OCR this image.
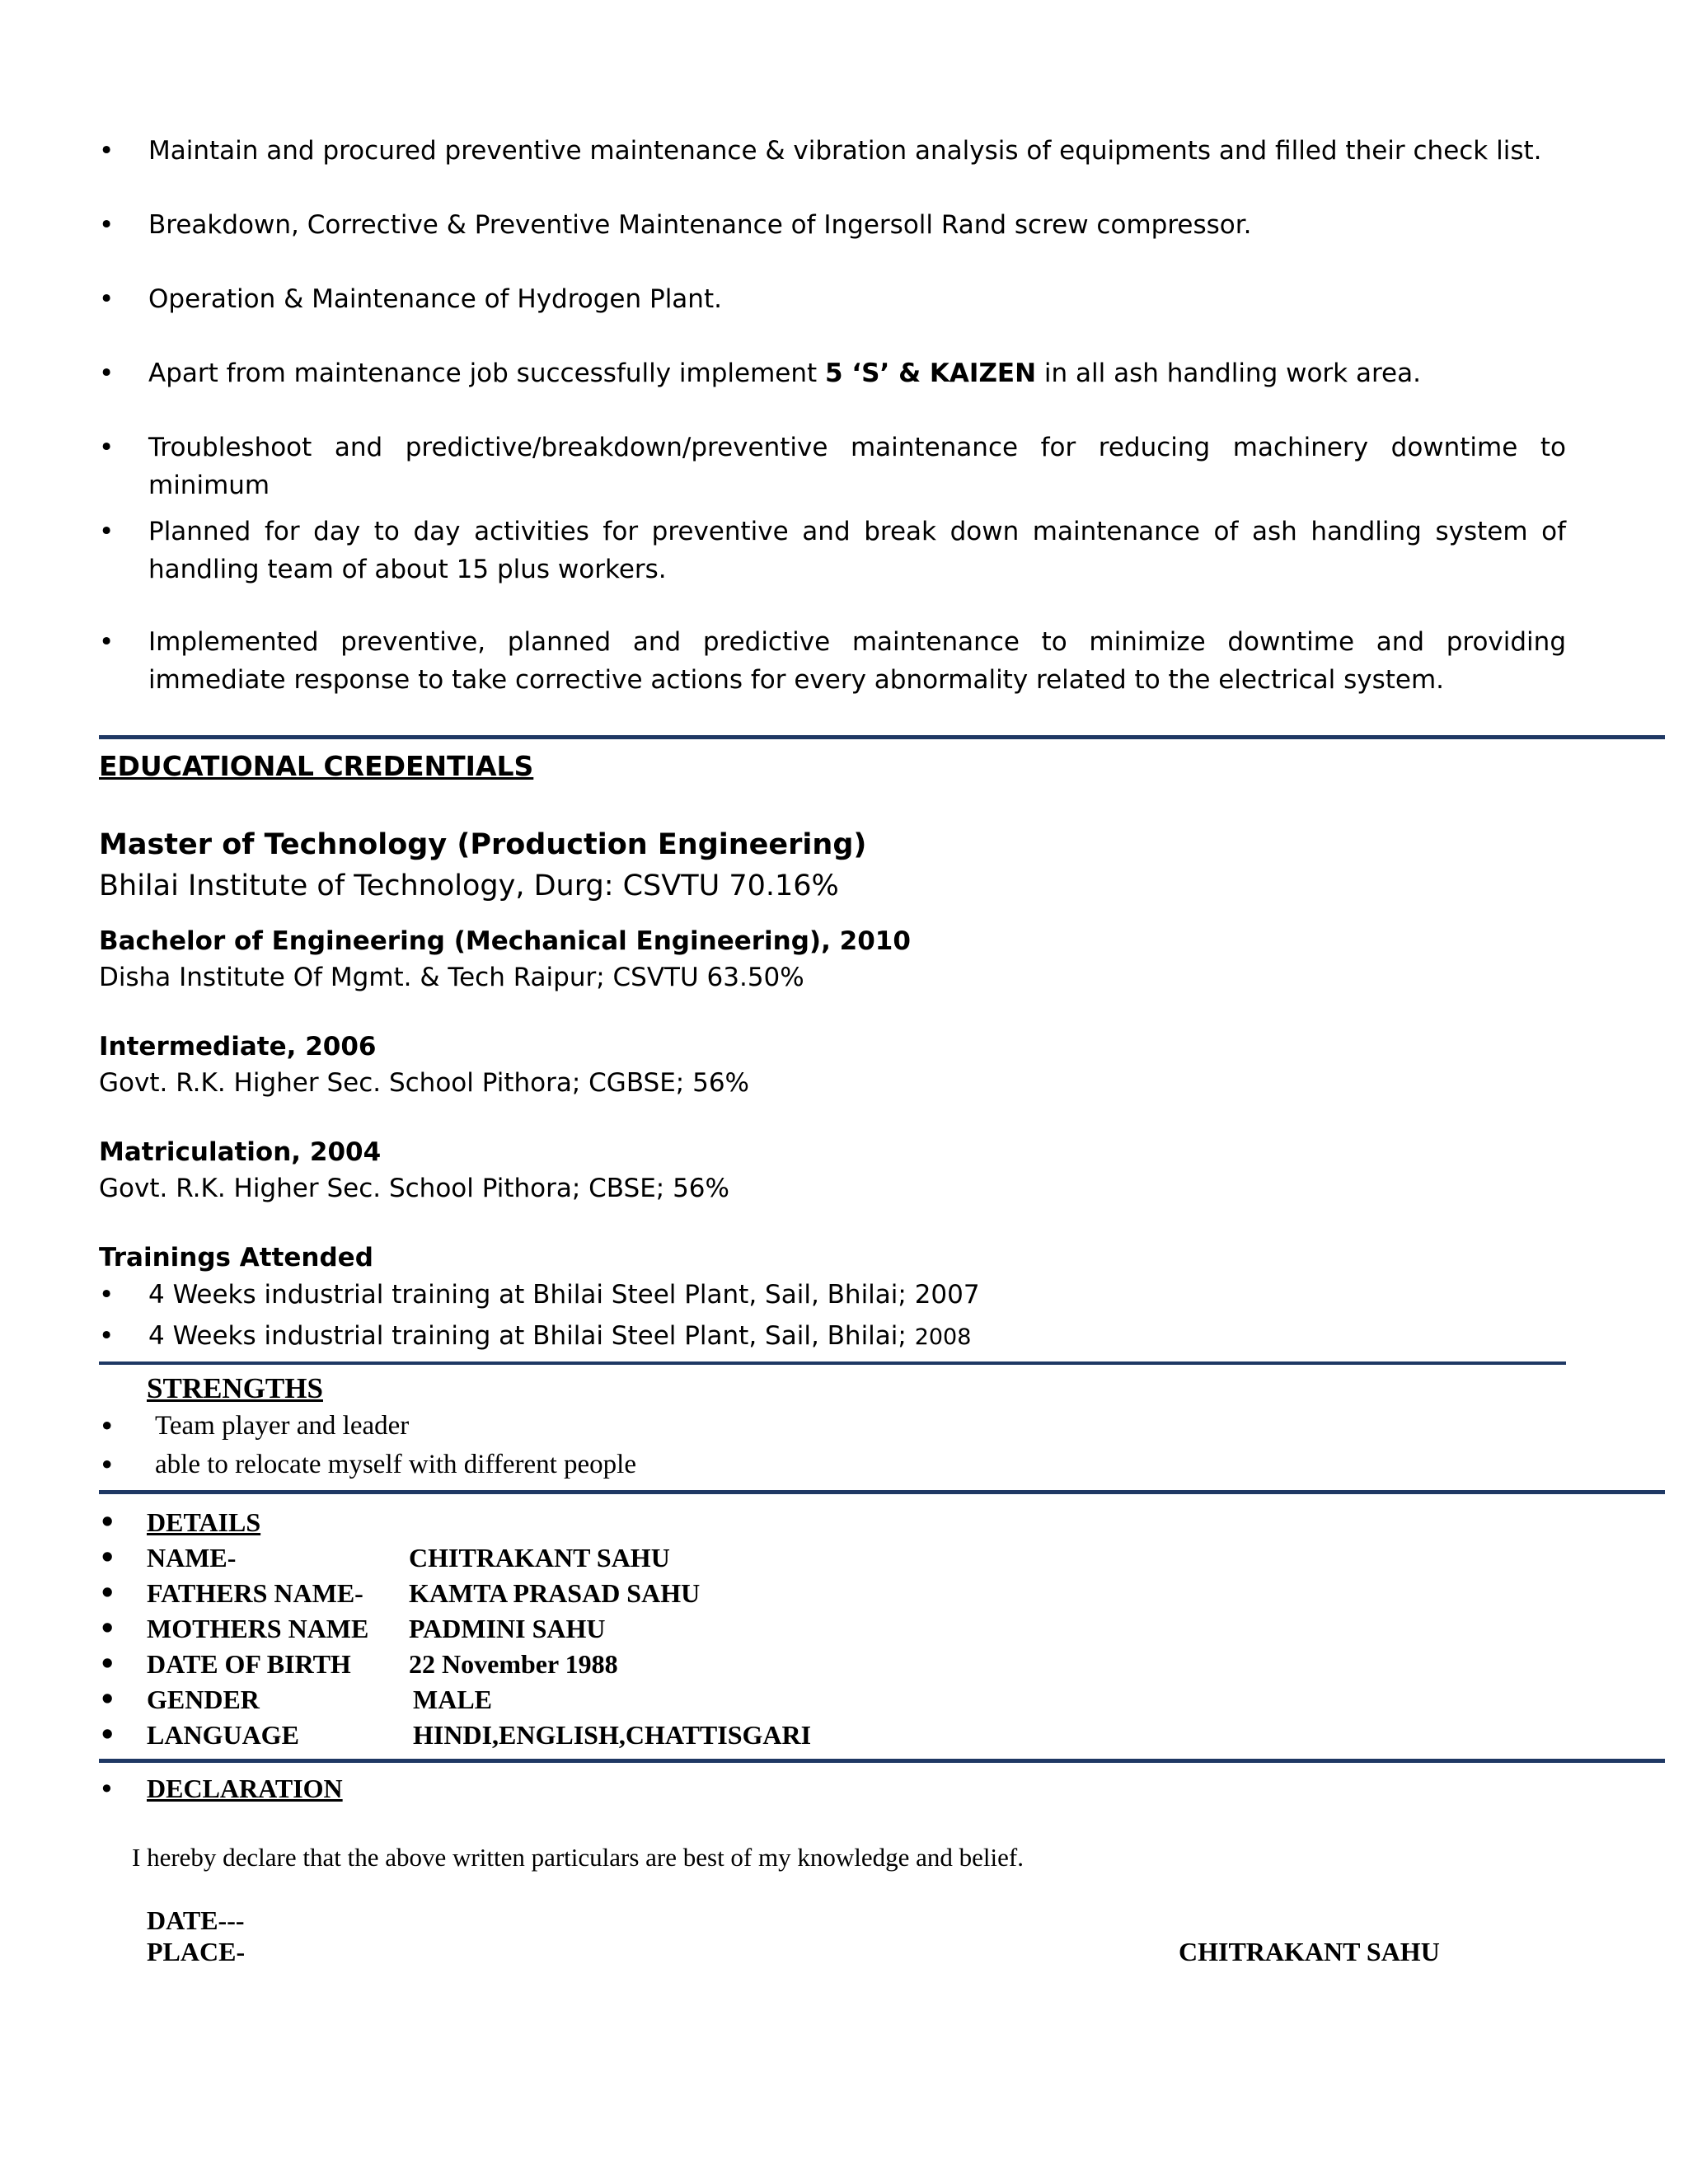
• Maintain and procured preventive maintenance & vibration analysis of equipments and filled their check list.
• Breakdown, Corrective & Preventive Maintenance of Ingersoll Rand screw compressor.
• Operation & Maintenance of Hydrogen Plant.
• Apart from maintenance job successfully implement 5 ‘S’ & KAIZEN in all ash handling work area.
• Troubleshoot and predictive/breakdown/preventive maintenance for reducing machinery downtime to minimum
• Planned for day to day activities for preventive and break down maintenance of ash handling system of handling team of about 15 plus workers.
• Implemented preventive, planned and predictive maintenance to minimize downtime and providing immediate response to take corrective actions for every abnormality related to the electrical system.
EDUCATIONAL CREDENTIALS
Master of Technology (Production Engineering)
Bhilai Institute of Technology, Durg: CSVTU 70.16%
Bachelor of Engineering (Mechanical Engineering), 2010
Disha Institute Of Mgmt. & Tech Raipur; CSVTU 63.50%
Intermediate, 2006
Govt. R.K. Higher Sec. School Pithora; CGBSE; 56%
Matriculation, 2004
Govt. R.K. Higher Sec. School Pithora; CBSE; 56%
Trainings Attended
• 4 Weeks industrial training at Bhilai Steel Plant, Sail, Bhilai; 2007
• 4 Weeks industrial training at Bhilai Steel Plant, Sail, Bhilai; 2008
STRENGTHS
• Team player and leader
• able to relocate myself with different people
• DETAILS
• NAME-	CHITRAKANT SAHU
• FATHERS NAME- KAMTA PRASAD SAHU
• MOTHERS NAME PADMINI SAHU
• DATE OF BIRTH 22 November 1988
• GENDER	MALE
• LANGUAGE	HINDI,ENGLISH,CHATTISGARI
• DECLARATION

I hereby declare that the above written particulars are best of my knowledge and belief.

DATE---

PLACE-	CHITRAKANT SAHU
